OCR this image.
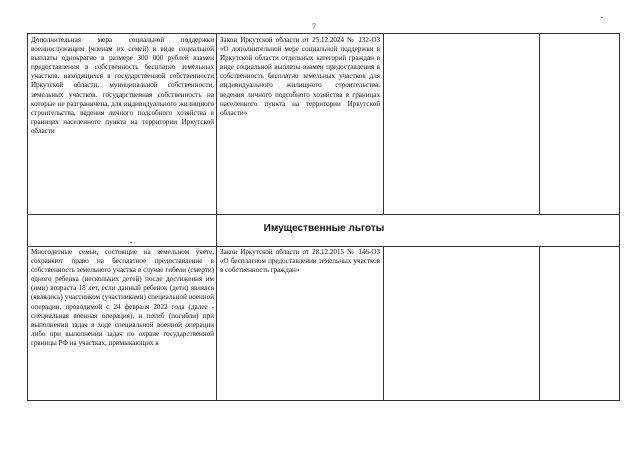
7
Дополнительная мера социальной поддержки военнослужащим (членам их семей) в виде социальной выплаты однократно в размере 300 000 рублей взамен предоставления в собственность бесплатно земельных участков, находящихся в государственной собственности Иркутской области, муниципальной собственности, земельных участков, государственная собственность на которые не разграничена, для индивидуального жилищного строительства, ведения личного подсобного хозяйства в границах населенного пункта на территории Иркутской области
Закон Иркутской области от 25.12.2024 № 132-ОЗ «О дополнительной мере социальной поддержки в Иркутской области отдельных категорий граждан в виде социальной выплаты взамен предоставления в собственность бесплатно земельных участков для индивидуального жилищного строительства, ведения личного подсобного хозяйства в границах населенного пункта на территории Иркутской области»
Имущественные льготы
Многодетные семьи, состоящие на земельном учете, сохраняют право на бесплатное предоставление в собственность земельного участка в случае гибели (смерти) одного ребенка (нескольких детей) после достижения им (ими) возраста 18 лет, если данный ребенок (дети) являлся (являлись) участником (участниками) специальной военной операции, проводимой с 24 февраля 2022 года (далее - специальная военная операция), и погиб (погибли) при выполнении задач в ходе специальной военной операции либо при выполнении задач по охране государственной границы РФ на участках, примыкающих к
Закон Иркутской области от 28.12.2015 № 146-ОЗ «О бесплатном предоставлении земельных участков в собственность граждан»
